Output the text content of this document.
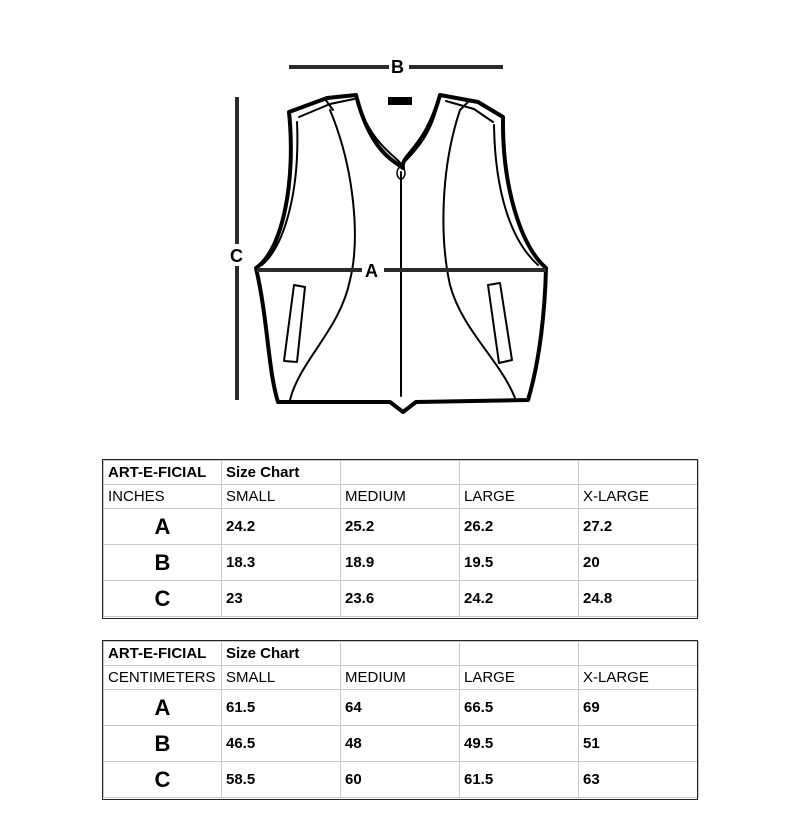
B
C
A
ART-E-FICIAL	Size Chart			
INCHES	SMALL	MEDIUM	LARGE	X-LARGE
A	24.2	25.2	26.2	27.2
B	18.3	18.9	19.5	20
C	23	23.6	24.2	24.8
ART-E-FICIAL	Size Chart			
CENTIMETERS	SMALL	MEDIUM	LARGE	X-LARGE
A	61.5	64	66.5	69
B	46.5	48	49.5	51
C	58.5	60	61.5	63
